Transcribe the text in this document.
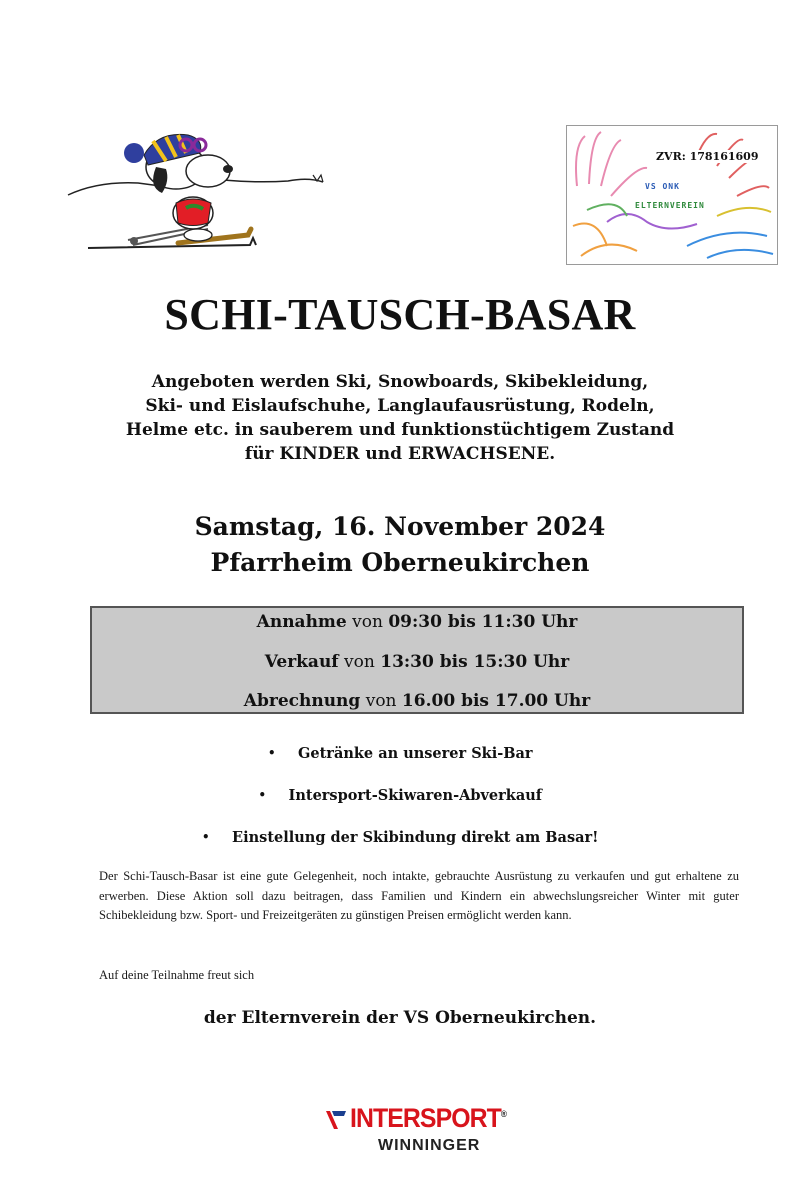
ZVR: 178161609
VS ONK
ELTERNVEREIN
SCHI-TAUSCH-BASAR
Angeboten werden Ski, Snowboards, Skibekleidung,
Ski- und Eislaufschuhe, Langlaufausrüstung, Rodeln,
Helme etc. in sauberem und funktionstüchtigem Zustand
für KINDER und ERWACHSENE.
Samstag, 16. November 2024
Pfarrheim Oberneukirchen
Annahme von 09:30 bis 11:30 Uhr
Verkauf von 13:30 bis 15:30 Uhr
Abrechnung von 16.00 bis 17.00 Uhr
• Getränke an unserer Ski-Bar
• Intersport-Skiwaren-Abverkauf
• Einstellung der Skibindung direkt am Basar!
Der Schi-Tausch-Basar ist eine gute Gelegenheit, noch intakte, gebrauchte Ausrüstung zu verkaufen und gut erhaltene zu erwerben. Diese Aktion soll dazu beitragen, dass Familien und Kindern ein abwechslungsreicher Winter mit guter Schibekleidung bzw. Sport- und Freizeitgeräten zu günstigen Preisen ermöglicht werden kann.
Auf deine Teilnahme freut sich
der Elternverein der VS Oberneukirchen.
INTERSPORT®
WINNINGER
